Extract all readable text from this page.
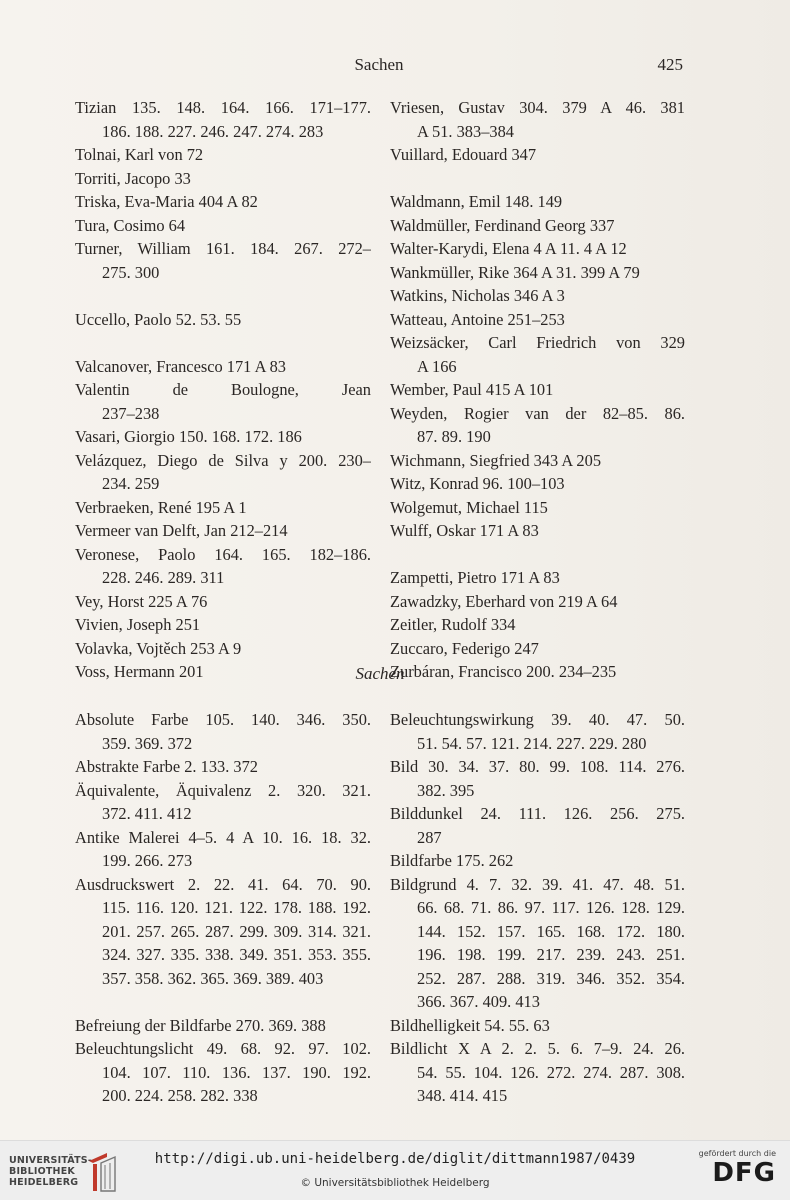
Sachen	425
Tizian 135. 148. 164. 166. 171–177.
186. 188. 227. 246. 247. 274. 283
Tolnai, Karl von 72
Torriti, Jacopo 33
Triska, Eva-Maria 404 A 82
Tura, Cosimo 64
Turner, William 161. 184. 267. 272–
275. 300
Uccello, Paolo 52. 53. 55
Valcanover, Francesco 171 A 83
Valentin de Boulogne, Jean
237–238
Vasari, Giorgio 150. 168. 172. 186
Velázquez, Diego de Silva y 200. 230–
234. 259
Verbraeken, René 195 A 1
Vermeer van Delft, Jan 212–214
Veronese, Paolo 164. 165. 182–186.
228. 246. 289. 311
Vey, Horst 225 A 76
Vivien, Joseph 251
Volavka, Vojtěch 253 A 9
Voss, Hermann 201
Vriesen, Gustav 304. 379 A 46. 381
A 51. 383–384
Vuillard, Edouard 347
Waldmann, Emil 148. 149
Waldmüller, Ferdinand Georg 337
Walter-Karydi, Elena 4 A 11. 4 A 12
Wankmüller, Rike 364 A 31. 399 A 79
Watkins, Nicholas 346 A 3
Watteau, Antoine 251–253
Weizsäcker, Carl Friedrich von 329
A 166
Wember, Paul 415 A 101
Weyden, Rogier van der 82–85. 86.
87. 89. 190
Wichmann, Siegfried 343 A 205
Witz, Konrad 96. 100–103
Wolgemut, Michael 115
Wulff, Oskar 171 A 83
Zampetti, Pietro 171 A 83
Zawadzky, Eberhard von 219 A 64
Zeitler, Rudolf 334
Zuccaro, Federigo 247
Zurbáran, Francisco 200. 234–235
Sachen
Absolute Farbe 105. 140. 346. 350.
359. 369. 372
Abstrakte Farbe 2. 133. 372
Äquivalente, Äquivalenz 2. 320. 321.
372. 411. 412
Antike Malerei 4–5. 4 A 10. 16. 18. 32.
199. 266. 273
Ausdruckswert 2. 22. 41. 64. 70. 90.
115. 116. 120. 121. 122. 178. 188. 192.
201. 257. 265. 287. 299. 309. 314. 321.
324. 327. 335. 338. 349. 351. 353. 355.
357. 358. 362. 365. 369. 389. 403
Befreiung der Bildfarbe 270. 369. 388
Beleuchtungslicht 49. 68. 92. 97. 102.
104. 107. 110. 136. 137. 190. 192.
200. 224. 258. 282. 338
Beleuchtungswirkung 39. 40. 47. 50.
51. 54. 57. 121. 214. 227. 229. 280
Bild 30. 34. 37. 80. 99. 108. 114. 276.
382. 395
Bilddunkel 24. 111. 126. 256. 275.
287
Bildfarbe 175. 262
Bildgrund 4. 7. 32. 39. 41. 47. 48. 51.
66. 68. 71. 86. 97. 117. 126. 128. 129.
144. 152. 157. 165. 168. 172. 180.
196. 198. 199. 217. 239. 243. 251.
252. 287. 288. 319. 346. 352. 354.
366. 367. 409. 413
Bildhelligkeit 54. 55. 63
Bildlicht X A 2. 2. 5. 6. 7–9. 24. 26.
54. 55. 104. 126. 272. 274. 287. 308.
348. 414. 415
UNIVERSITÄTS-
BIBLIOTHEK
HEIDELBERG
http://digi.ub.uni-heidelberg.de/diglit/dittmann1987/0439
© Universitätsbibliothek Heidelberg
gefördert durch die
DFG
